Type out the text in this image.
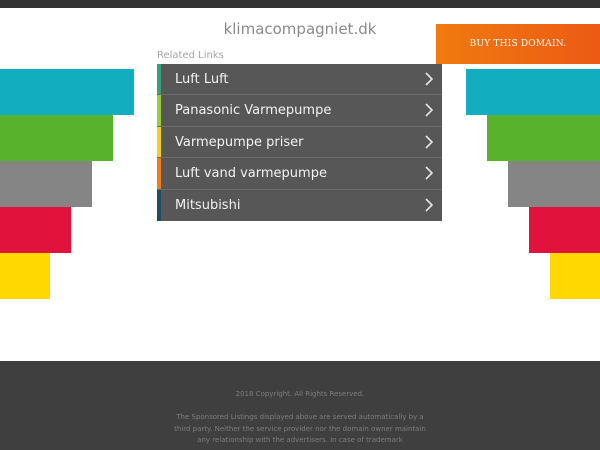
klimacompagniet.dk
BUY THIS DOMAIN.
Related Links
Luft Luft
Panasonic Varmepumpe
Varmepumpe priser
Luft vand varmepumpe
Mitsubishi
2018 Copyright. All Rights Reserved.
The Sponsored Listings displayed above are served automatically by a third party. Neither the service provider nor the domain owner maintain any relationship with the advertisers. In case of trademark
